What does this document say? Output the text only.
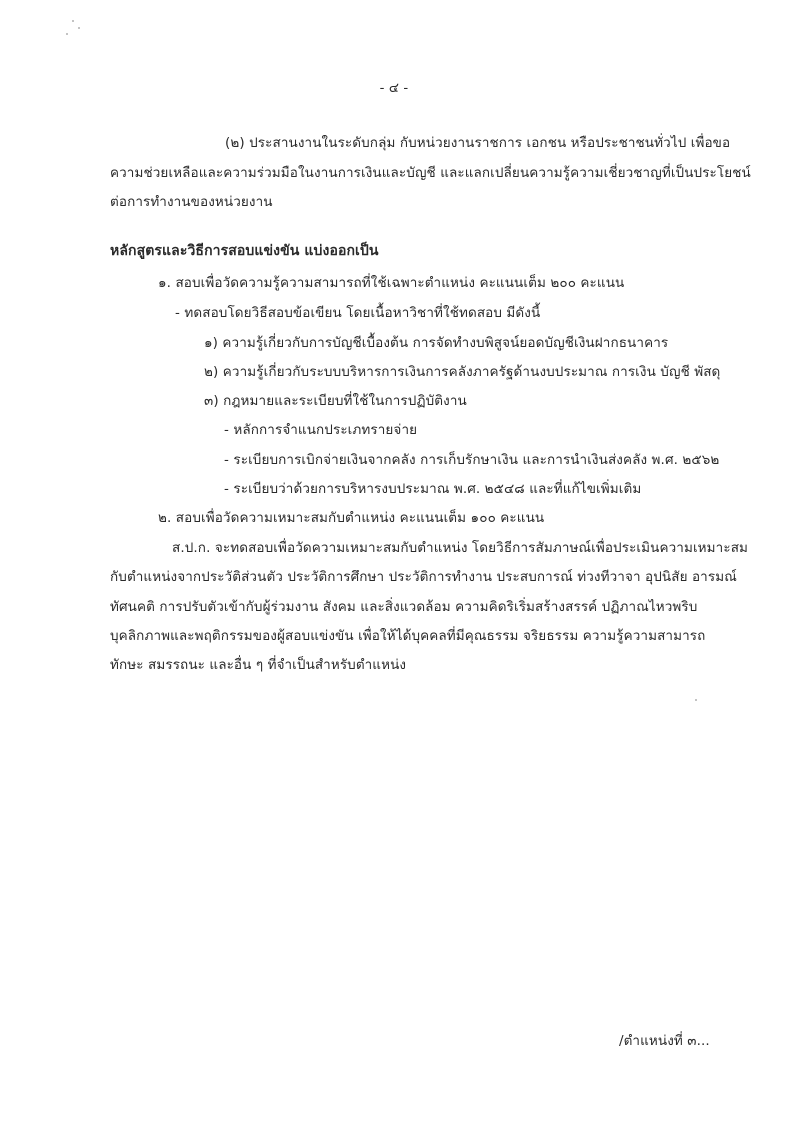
- ๔ -
(๒) ประสานงานในระดับกลุ่ม กับหน่วยงานราชการ เอกชน หรือประชาชนทั่วไป เพื่อขอ
ความช่วยเหลือและความร่วมมือในงานการเงินและบัญชี และแลกเปลี่ยนความรู้ความเชี่ยวชาญที่เป็นประโยชน์
ต่อการทำงานของหน่วยงาน
หลักสูตรและวิธีการสอบแข่งขัน แบ่งออกเป็น
๑. สอบเพื่อวัดความรู้ความสามารถที่ใช้เฉพาะตำแหน่ง คะแนนเต็ม ๒๐๐ คะแนน
- ทดสอบโดยวิธีสอบข้อเขียน โดยเนื้อหาวิชาที่ใช้ทดสอบ มีดังนี้
๑) ความรู้เกี่ยวกับการบัญชีเบื้องต้น การจัดทำงบพิสูจน์ยอดบัญชีเงินฝากธนาคาร
๒) ความรู้เกี่ยวกับระบบบริหารการเงินการคลังภาครัฐด้านงบประมาณ การเงิน บัญชี พัสดุ
๓) กฎหมายและระเบียบที่ใช้ในการปฏิบัติงาน
- หลักการจำแนกประเภทรายจ่าย
- ระเบียบการเบิกจ่ายเงินจากคลัง การเก็บรักษาเงิน และการนำเงินส่งคลัง พ.ศ. ๒๕๖๒
- ระเบียบว่าด้วยการบริหารงบประมาณ พ.ศ. ๒๕๔๘ และที่แก้ไขเพิ่มเติม
๒. สอบเพื่อวัดความเหมาะสมกับตำแหน่ง คะแนนเต็ม ๑๐๐ คะแนน
ส.ป.ก. จะทดสอบเพื่อวัดความเหมาะสมกับตำแหน่ง โดยวิธีการสัมภาษณ์เพื่อประเมินความเหมาะสม
กับตำแหน่งจากประวัติส่วนตัว ประวัติการศึกษา ประวัติการทำงาน ประสบการณ์ ท่วงทีวาจา อุปนิสัย อารมณ์
ทัศนคติ การปรับตัวเข้ากับผู้ร่วมงาน สังคม และสิ่งแวดล้อม ความคิดริเริ่มสร้างสรรค์ ปฏิภาณไหวพริบ
บุคลิกภาพและพฤติกรรมของผู้สอบแข่งขัน เพื่อให้ได้บุคคลที่มีคุณธรรม จริยธรรม ความรู้ความสามารถ
ทักษะ สมรรถนะ และอื่น ๆ ที่จำเป็นสำหรับตำแหน่ง
/ตำแหน่งที่ ๓...
